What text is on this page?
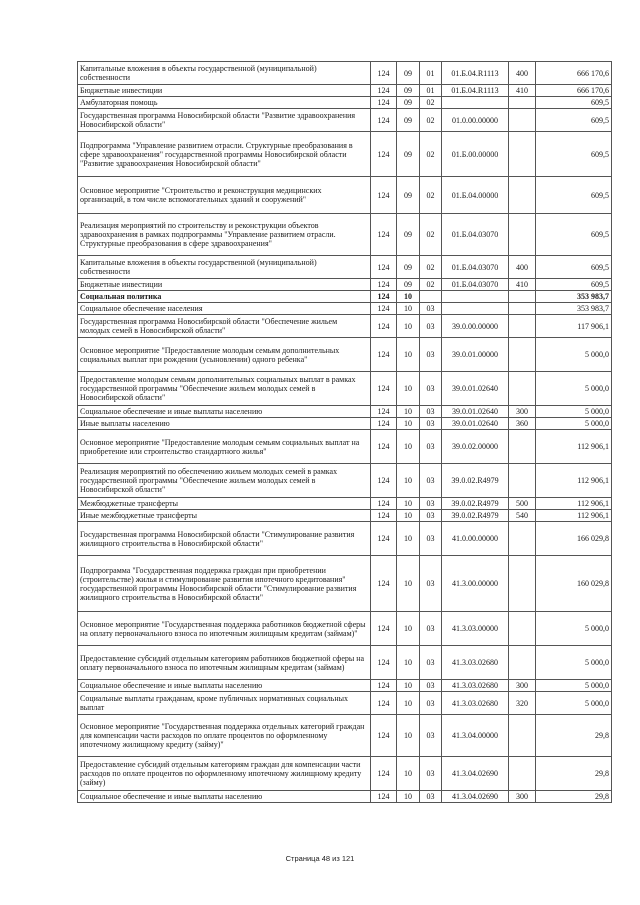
Капитальные вложения в объекты государственной (муниципальной) собственности	124	09	01	01.Б.04.R1113	400	666 170,6
Бюджетные инвестиции	124	09	01	01.Б.04.R1113	410	666 170,6
Амбулаторная помощь	124	09	02			609,5
Государственная программа Новосибирской области "Развитие здравоохранения Новосибирской области"	124	09	02	01.0.00.00000		609,5
Подпрограмма "Управление развитием отрасли. Структурные преобразования в сфере здравоохранения" государственной программы Новосибирской области "Развитие здравоохранения Новосибирской области"	124	09	02	01.Б.00.00000		609,5
Основное мероприятие "Строительство и реконструкция медицинских организаций, в том числе вспомогательных зданий и сооружений"	124	09	02	01.Б.04.00000		609,5
Реализация мероприятий по строительству и реконструкции объектов здравоохранения в рамках подпрограммы "Управление развитием отрасли. Структурные преобразования в сфере здравоохранения"	124	09	02	01.Б.04.03070		609,5
Капитальные вложения в объекты государственной (муниципальной) собственности	124	09	02	01.Б.04.03070	400	609,5
Бюджетные инвестиции	124	09	02	01.Б.04.03070	410	609,5
Социальная политика	124	10				353 983,7
Социальное обеспечение населения	124	10	03			353 983,7
Государственная программа Новосибирской области "Обеспечение жильем молодых семей в Новосибирской области"	124	10	03	39.0.00.00000		117 906,1
Основное мероприятие "Предоставление молодым семьям дополнительных социальных выплат при рождении (усыновлении) одного ребенка"	124	10	03	39.0.01.00000		5 000,0
Предоставление молодым семьям дополнительных социальных выплат в рамках государственной программы "Обеспечение жильем молодых семей в Новосибирской области"	124	10	03	39.0.01.02640		5 000,0
Социальное обеспечение и иные выплаты населению	124	10	03	39.0.01.02640	300	5 000,0
Иные выплаты населению	124	10	03	39.0.01.02640	360	5 000,0
Основное мероприятие "Предоставление молодым семьям социальных выплат на приобретение или строительство стандартного жилья"	124	10	03	39.0.02.00000		112 906,1
Реализация мероприятий по обеспечению жильем молодых семей в рамках государственной программы "Обеспечение жильем молодых семей в Новосибирской области"	124	10	03	39.0.02.R4979		112 906,1
Межбюджетные трансферты	124	10	03	39.0.02.R4979	500	112 906,1
Иные межбюджетные трансферты	124	10	03	39.0.02.R4979	540	112 906,1
Государственная программа Новосибирской области "Стимулирование развития жилищного строительства в Новосибирской области"	124	10	03	41.0.00.00000		166 029,8
Подпрограмма "Государственная поддержка граждан при приобретении (строительстве) жилья и стимулирование развития ипотечного кредитования" государственной программы Новосибирской области "Стимулирование развития жилищного строительства в Новосибирской области"	124	10	03	41.3.00.00000		160 029,8
Основное мероприятие "Государственная поддержка работников бюджетной сферы на оплату первоначального взноса по ипотечным жилищным кредитам (займам)"	124	10	03	41.3.03.00000		5 000,0
Предоставление субсидий отдельным категориям работников бюджетной сферы на оплату первоначального взноса по ипотечным жилищным кредитам (займам)	124	10	03	41.3.03.02680		5 000,0
Социальное обеспечение и иные выплаты населению	124	10	03	41.3.03.02680	300	5 000,0
Социальные выплаты гражданам, кроме публичных нормативных социальных выплат	124	10	03	41.3.03.02680	320	5 000,0
Основное мероприятие "Государственная поддержка отдельных категорий граждан для компенсации части расходов по оплате процентов по оформленному ипотечному жилищному кредиту (займу)"	124	10	03	41.3.04.00000		29,8
Предоставление субсидий отдельным категориям граждан для компенсации части расходов по оплате процентов по оформленному ипотечному жилищному кредиту (займу)	124	10	03	41.3.04.02690		29,8
Социальное обеспечение и иные выплаты населению	124	10	03	41.3.04.02690	300	29,8
Страница 48 из 121
